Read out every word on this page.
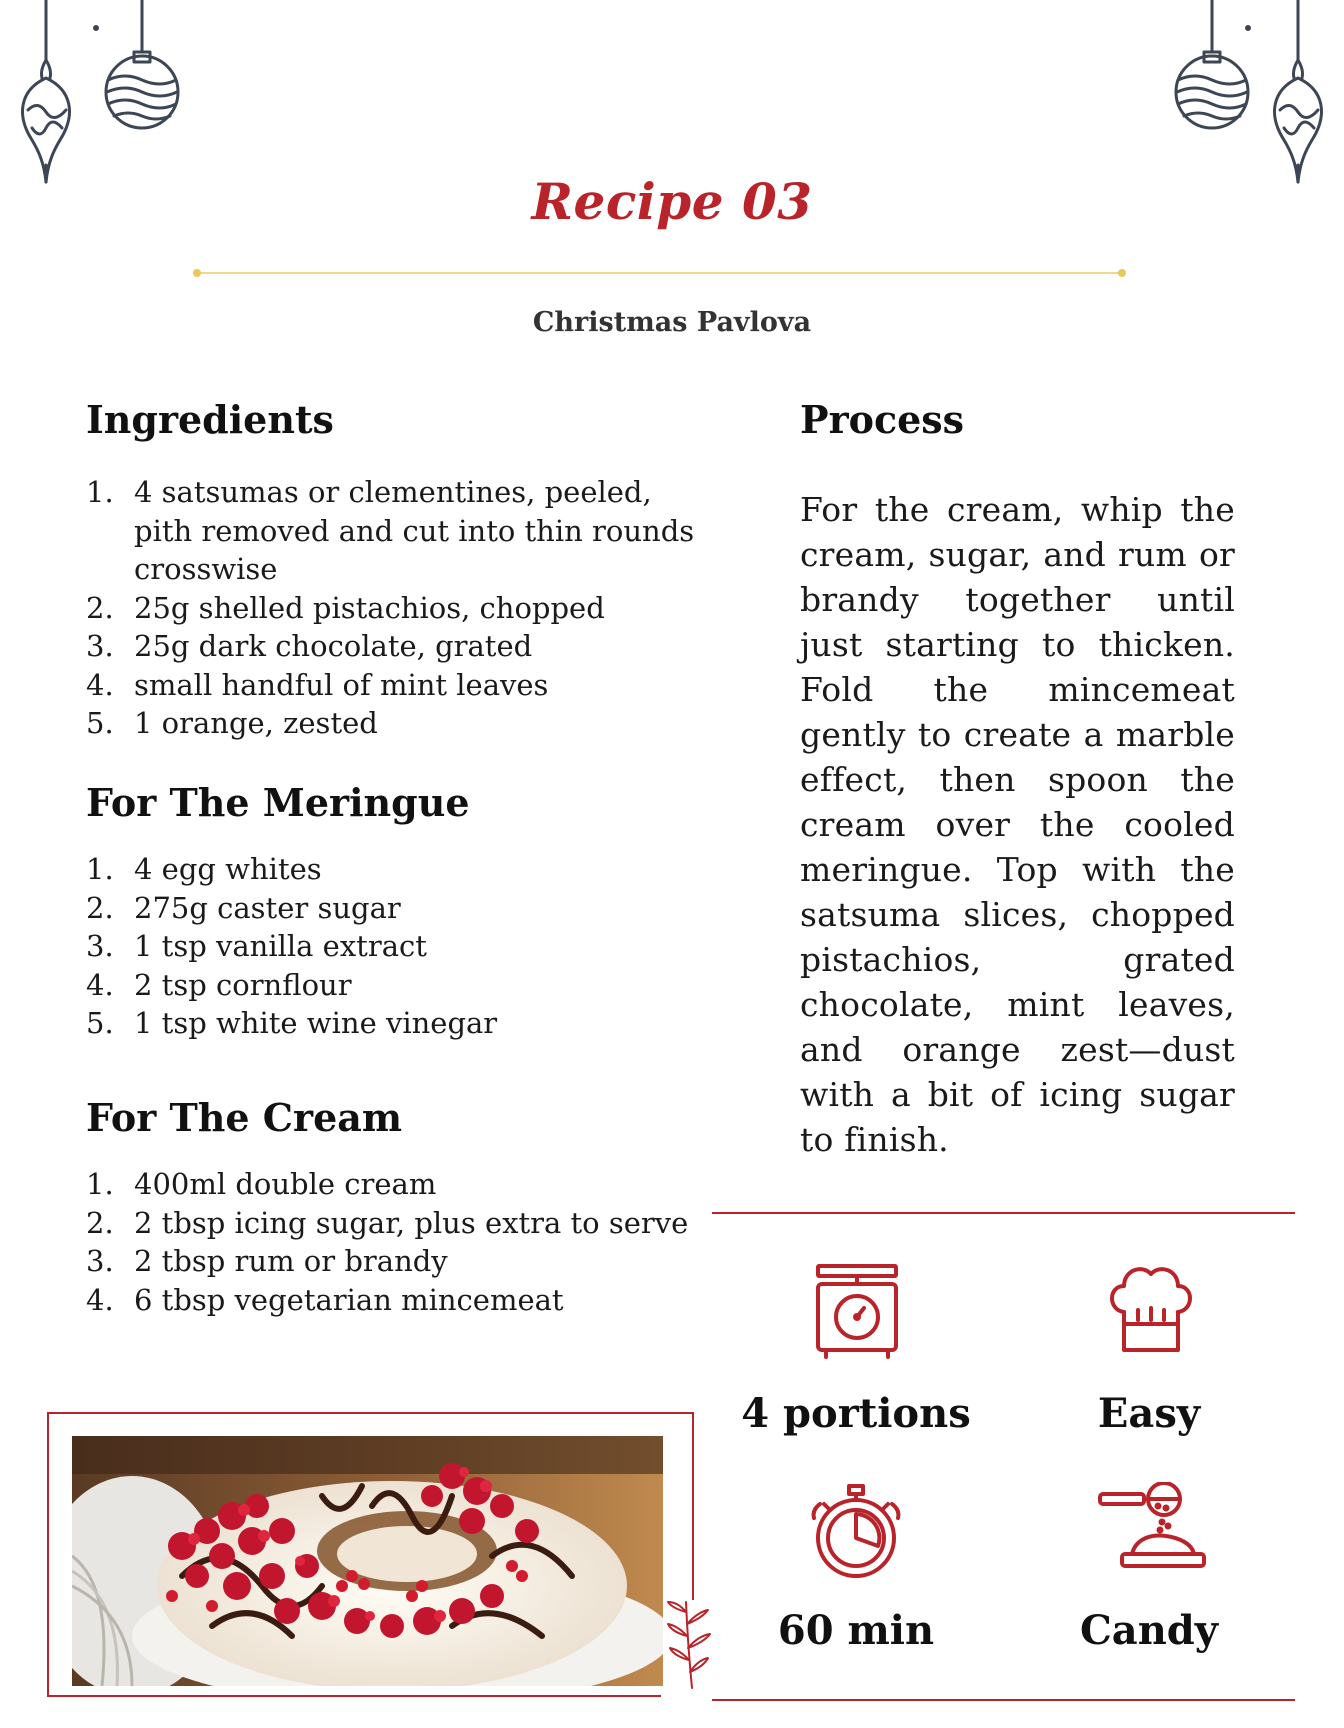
Recipe 03
Christmas Pavlova
Ingredients
1. 4 satsumas or clementines, peeled,
pith removed and cut into thin rounds
crosswise
2. 25g shelled pistachios, chopped
3. 25g dark chocolate, grated
4. small handful of mint leaves
5. 1 orange, zested
For The Meringue
1. 4 egg whites
2. 275g caster sugar
3. 1 tsp vanilla extract
4. 2 tsp cornflour
5. 1 tsp white wine vinegar
For The Cream
1. 400ml double cream
2. 2 tbsp icing sugar, plus extra to serve
3. 2 tbsp rum or brandy
4. 6 tbsp vegetarian mincemeat
Process
For the cream, whip the cream, sugar, and rum or brandy together until just starting to thicken. Fold the mincemeat gently to create a marble effect, then spoon the cream over the cooled meringue. Top with the satsuma slices, chopped pistachios, grated chocolate, mint leaves, and orange zest—dust with a bit of icing sugar to finish.
4 portions	Easy
60 min	Candy
